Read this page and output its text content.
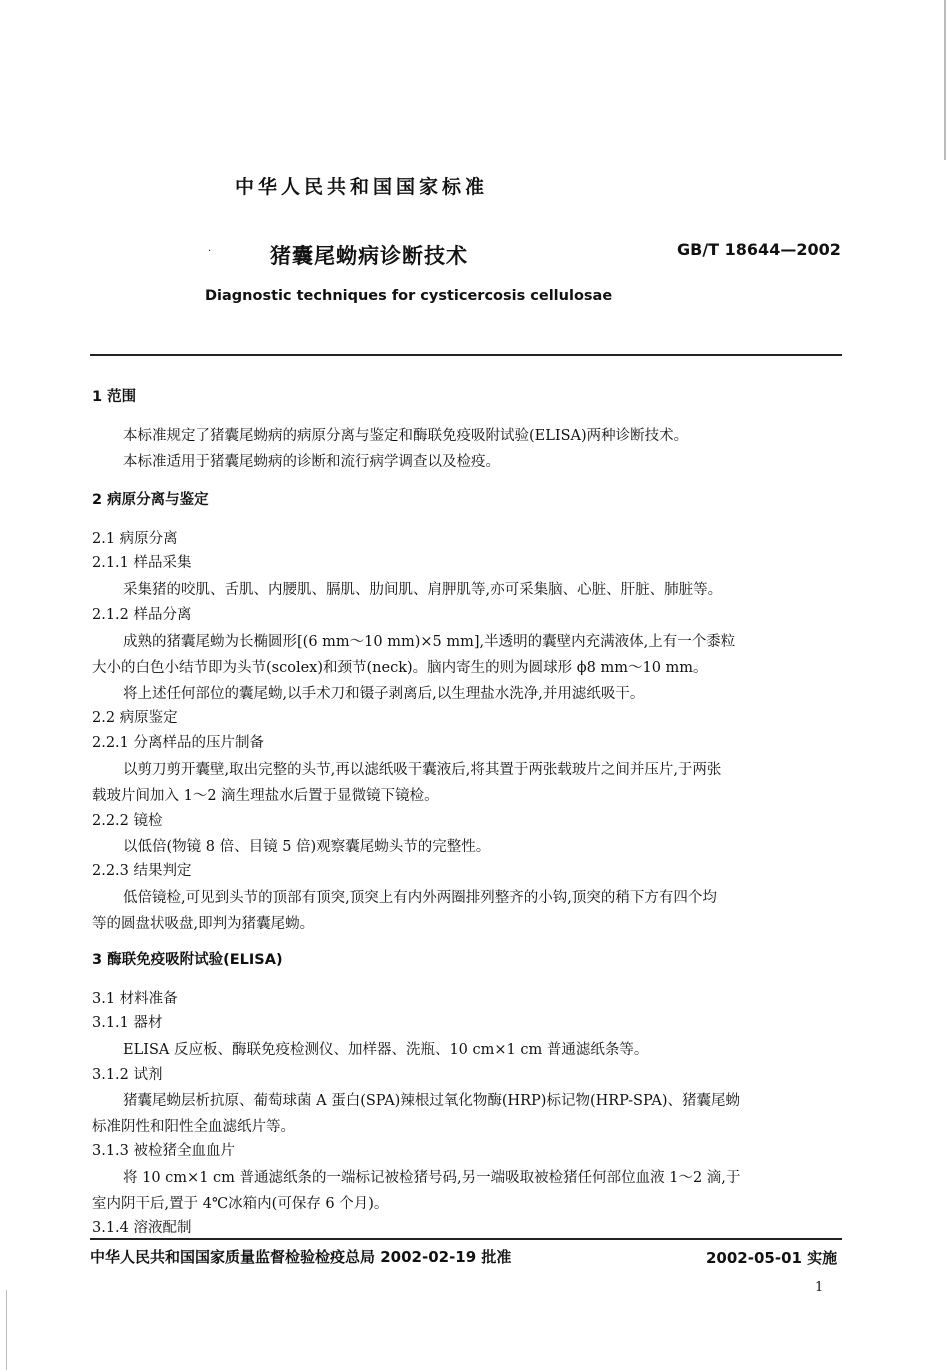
中华人民共和国国家标准
·	猪囊尾蚴病诊断技术	GB/T 18644—2002
Diagnostic techniques for cysticercosis cellulosae
1 范围
本标准规定了猪囊尾蚴病的病原分离与鉴定和酶联免疫吸附试验(ELISA)两种诊断技术。
本标准适用于猪囊尾蚴病的诊断和流行病学调查以及检疫。
2 病原分离与鉴定
2.1 病原分离
2.1.1 样品采集
采集猪的咬肌、舌肌、内腰肌、膈肌、肋间肌、肩胛肌等,亦可采集脑、心脏、肝脏、肺脏等。
2.1.2 样品分离
成熟的猪囊尾蚴为长椭圆形[(6 mm～10 mm)×5 mm],半透明的囊壁内充满液体,上有一个黍粒
大小的白色小结节即为头节(scolex)和颈节(neck)。脑内寄生的则为圆球形 ϕ8 mm～10 mm。
将上述任何部位的囊尾蚴,以手术刀和镊子剥离后,以生理盐水洗净,并用滤纸吸干。
2.2 病原鉴定
2.2.1 分离样品的压片制备
以剪刀剪开囊壁,取出完整的头节,再以滤纸吸干囊液后,将其置于两张载玻片之间并压片,于两张
载玻片间加入 1～2 滴生理盐水后置于显微镜下镜检。
2.2.2 镜检
以低倍(物镜 8 倍、目镜 5 倍)观察囊尾蚴头节的完整性。
2.2.3 结果判定
低倍镜检,可见到头节的顶部有顶突,顶突上有内外两圈排列整齐的小钩,顶突的稍下方有四个均
等的圆盘状吸盘,即判为猪囊尾蚴。
3 酶联免疫吸附试验(ELISA)
3.1 材料准备
3.1.1 器材
ELISA 反应板、酶联免疫检测仪、加样器、洗瓶、10 cm×1 cm 普通滤纸条等。
3.1.2 试剂
猪囊尾蚴层析抗原、葡萄球菌 A 蛋白(SPA)辣根过氧化物酶(HRP)标记物(HRP-SPA)、猪囊尾蚴
标准阴性和阳性全血滤纸片等。
3.1.3 被检猪全血血片
将 10 cm×1 cm 普通滤纸条的一端标记被检猪号码,另一端吸取被检猪任何部位血液 1～2 滴,于
室内阴干后,置于 4℃冰箱内(可保存 6 个月)。
3.1.4 溶液配制
中华人民共和国国家质量监督检验检疫总局 2002-02-19 批准	2002-05-01 实施
1
